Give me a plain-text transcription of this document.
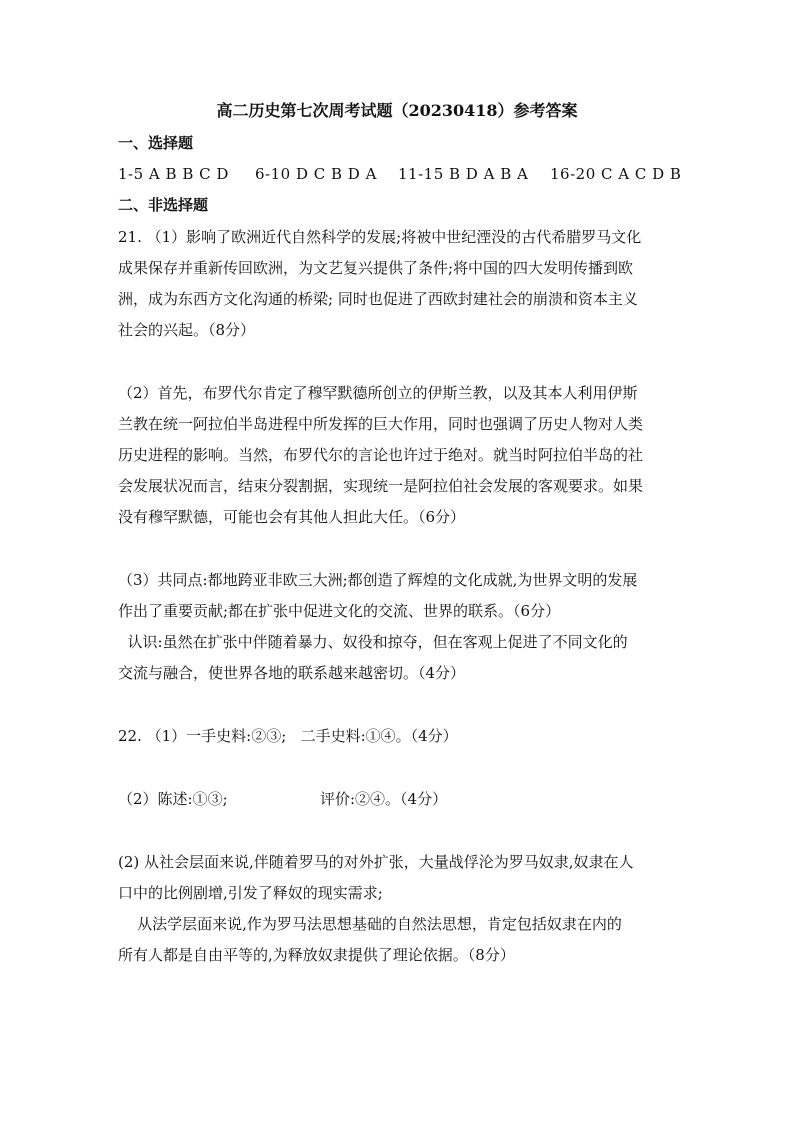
高二历史第七次周考试题（20230418）参考答案
一、选择题
1-5 A B B C D 6-10 D C B D A 11-15 B D A B A 16-20 C A C D B
二、非选择题
21. （1）影响了欧洲近代自然科学的发展;将被中世纪湮没的古代希腊罗马文化
成果保存并重新传回欧洲，为文艺复兴提供了条件;将中国的四大发明传播到欧
洲，成为东西方文化沟通的桥梁; 同时也促进了西欧封建社会的崩溃和资本主义
社会的兴起。（8分）
（2）首先，布罗代尔肯定了穆罕默德所创立的伊斯兰教，以及其本人利用伊斯
兰教在统一阿拉伯半岛进程中所发挥的巨大作用，同时也强调了历史人物对人类
历史进程的影响。当然，布罗代尔的言论也许过于绝对。就当时阿拉伯半岛的社
会发展状况而言，结束分裂割据，实现统一是阿拉伯社会发展的客观要求。如果
没有穆罕默德，可能也会有其他人担此大任。（6分）
（3）共同点:都地跨亚非欧三大洲;都创造了辉煌的文化成就,为世界文明的发展
作出了重要贡献;都在扩张中促进文化的交流、世界的联系。（6分）
认识:虽然在扩张中伴随着暴力、奴役和掠夺，但在客观上促进了不同文化的
交流与融合，使世界各地的联系越来越密切。（4分）
22. （1）一手史料:②③;   二手史料:①④。（4分）
（2）陈述:①③;	评价:②④。（4分）
(2) 从社会层面来说,伴随着罗马的对外扩张，大量战俘沦为罗马奴隶,奴隶在人
口中的比例剧增,引发了释奴的现实需求;
从法学层面来说,作为罗马法思想基础的自然法思想，肯定包括奴隶在内的
所有人都是自由平等的,为释放奴隶提供了理论依据。（8分）
